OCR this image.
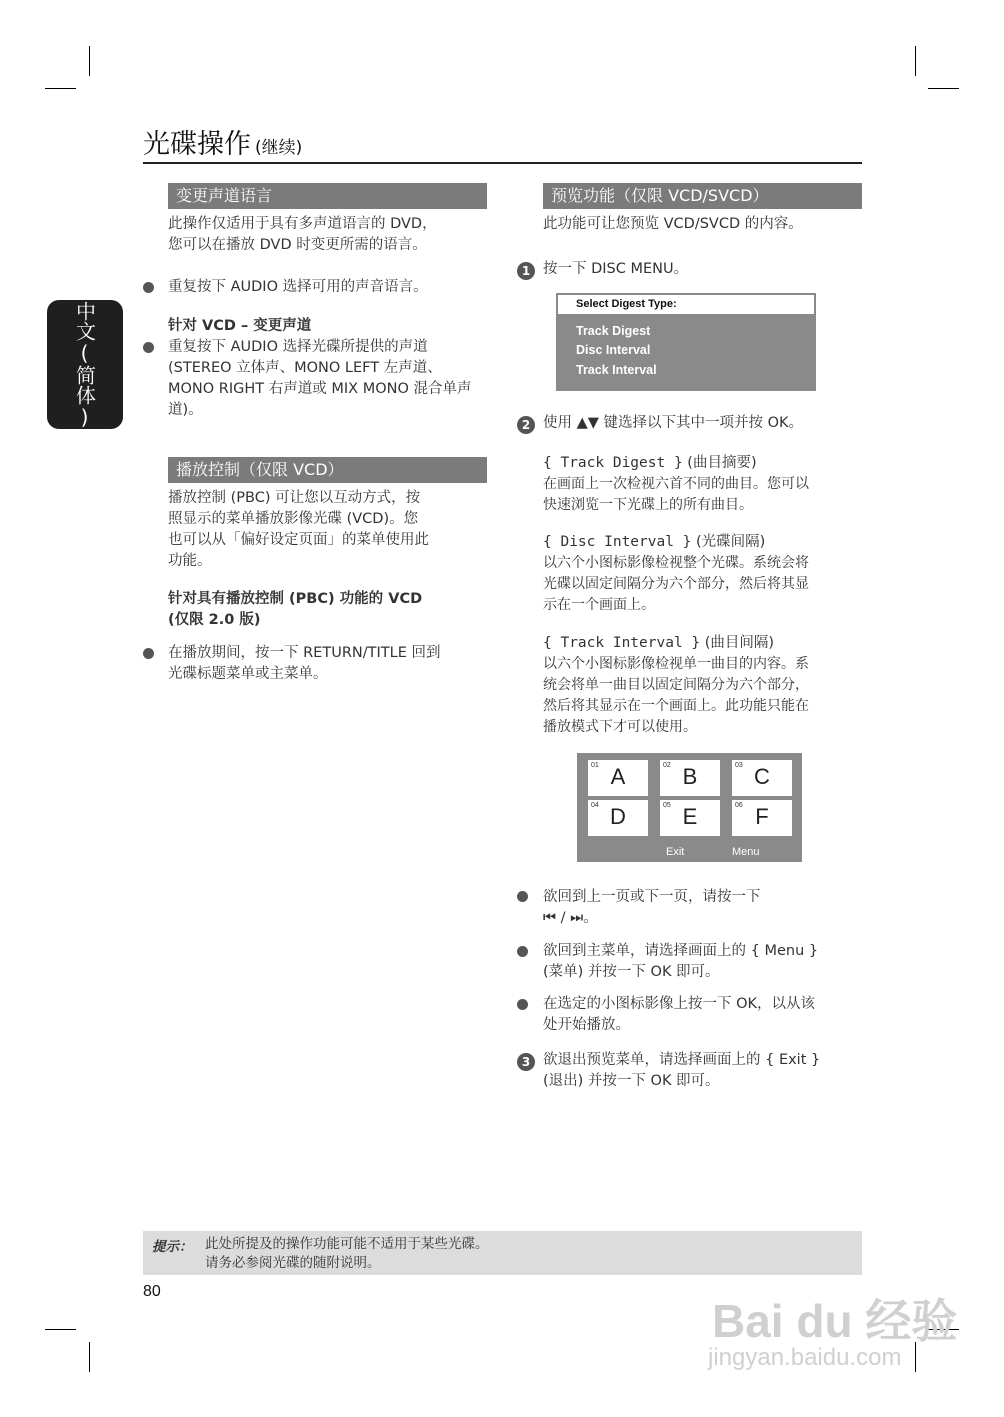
光碟操作 (继续)
中文(简体)
变更声道语言
此操作仅适用于具有多声道语言的 DVD，
您可以在播放 DVD 时变更所需的语言。
重复按下 AUDIO 选择可用的声音语言。
针对 VCD – 变更声道
重复按下 AUDIO 选择光碟所提供的声道
(STEREO 立体声、MONO LEFT 左声道、
MONO RIGHT 右声道或 MIX MONO 混合单声
道)。
播放控制（仅限 VCD）
播放控制 (PBC) 可让您以互动方式，按
照显示的菜单播放影像光碟 (VCD)。您
也可以从「偏好设定页面」的菜单使用此
功能。
针对具有播放控制 (PBC) 功能的 VCD
(仅限 2.0 版)
在播放期间，按一下 RETURN/TITLE 回到
光碟标题菜单或主菜单。
预览功能（仅限 VCD/SVCD）
此功能可让您预览 VCD/SVCD 的内容。
1 按一下 DISC MENU。
Select Digest Type:
Track Digest
Disc Interval
Track Interval
2 使用 ▲▼ 键选择以下其中一项并按 OK。
{ Track Digest } (曲目摘要)
在画面上一次检视六首不同的曲目。您可以
快速浏览一下光碟上的所有曲目。
{ Disc Interval } (光碟间隔)
以六个小图标影像检视整个光碟。系统会将
光碟以固定间隔分为六个部分，然后将其显
示在一个画面上。
{ Track Interval } (曲目间隔)
以六个小图标影像检视单一曲目的内容。系
统会将单一曲目以固定间隔分为六个部分，
然后将其显示在一个画面上。此功能只能在
播放模式下才可以使用。
01 A	02 B	03 C
04 D	05 E	06 F
Exit	Menu
欲回到上一页或下一页，请按一下
⏮ / ⏭。
欲回到主菜单，请选择画面上的 { Menu }
(菜单) 并按一下 OK 即可。
在选定的小图标影像上按一下 OK，以从该
处开始播放。
3 欲退出预览菜单，请选择画面上的 { Exit }
(退出) 并按一下 OK 即可。
提示： 此处所提及的操作功能可能不适用于某些光碟。
请务必参阅光碟的随附说明。
80
Bai du 经验
jingyan.baidu.com
